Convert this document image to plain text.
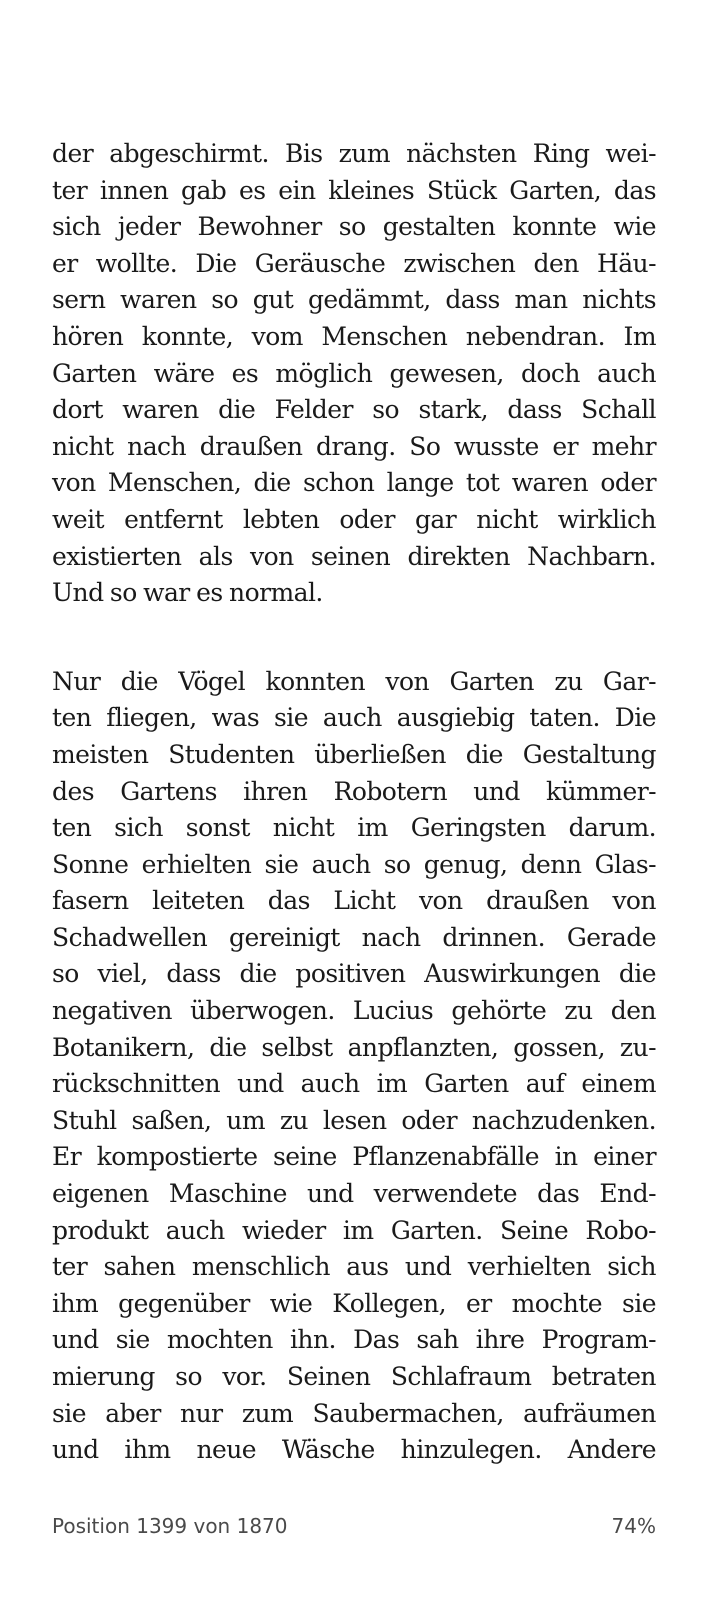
der abgeschirmt. Bis zum nächsten Ring wei-
ter innen gab es ein kleines Stück Garten, das
sich jeder Bewohner so gestalten konnte wie
er wollte. Die Geräusche zwischen den Häu-
sern waren so gut gedämmt, dass man nichts
hören konnte, vom Menschen nebendran. Im
Garten wäre es möglich gewesen, doch auch
dort waren die Felder so stark, dass Schall
nicht nach draußen drang. So wusste er mehr
von Menschen, die schon lange tot waren oder
weit entfernt lebten oder gar nicht wirklich
existierten als von seinen direkten Nachbarn.
Und so war es normal.
Nur die Vögel konnten von Garten zu Gar-
ten fliegen, was sie auch ausgiebig taten. Die
meisten Studenten überließen die Gestaltung
des Gartens ihren Robotern und kümmer-
ten sich sonst nicht im Geringsten darum.
Sonne erhielten sie auch so genug, denn Glas-
fasern leiteten das Licht von draußen von
Schadwellen gereinigt nach drinnen. Gerade
so viel, dass die positiven Auswirkungen die
negativen überwogen. Lucius gehörte zu den
Botanikern, die selbst anpflanzten, gossen, zu-
rückschnitten und auch im Garten auf einem
Stuhl saßen, um zu lesen oder nachzudenken.
Er kompostierte seine Pflanzenabfälle in einer
eigenen Maschine und verwendete das End-
produkt auch wieder im Garten. Seine Robo-
ter sahen menschlich aus und verhielten sich
ihm gegenüber wie Kollegen, er mochte sie
und sie mochten ihn. Das sah ihre Program-
mierung so vor. Seinen Schlafraum betraten
sie aber nur zum Saubermachen, aufräumen
und ihm neue Wäsche hinzulegen. Andere
Position 1399 von 1870	74%
